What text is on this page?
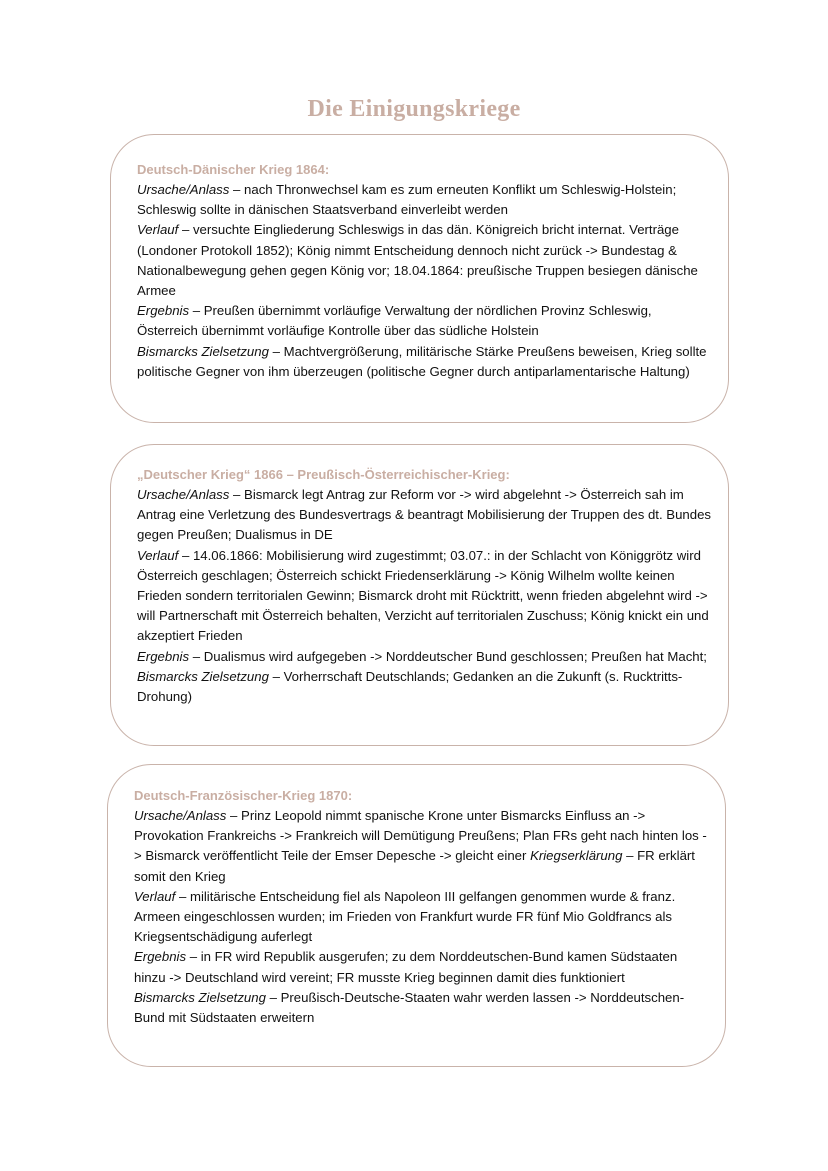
Die Einigungskriege
Deutsch-Dänischer Krieg 1864:

Ursache/Anlass – nach Thronwechsel kam es zum erneuten Konflikt um Schleswig-Holstein; Schleswig sollte in dänischen Staatsverband einverleibt werden

Verlauf – versuchte Eingliederung Schleswigs in das dän. Königreich bricht internat. Verträge (Londoner Protokoll 1852); König nimmt Entscheidung dennoch nicht zurück -> Bundestag & Nationalbewegung gehen gegen König vor; 18.04.1864: preußische Truppen besiegen dänische Armee

Ergebnis – Preußen übernimmt vorläufige Verwaltung der nördlichen Provinz Schleswig, Österreich übernimmt vorläufige Kontrolle über das südliche Holstein

Bismarcks Zielsetzung – Machtvergrößerung, militärische Stärke Preußens beweisen, Krieg sollte politische Gegner von ihm überzeugen (politische Gegner durch antiparlamentarische Haltung)

„Deutscher Krieg“ 1866 – Preußisch-Österreichischer-Krieg:

Ursache/Anlass – Bismarck legt Antrag zur Reform vor -> wird abgelehnt -> Österreich sah im Antrag eine Verletzung des Bundesvertrags & beantragt Mobilisierung der Truppen des dt. Bundes gegen Preußen; Dualismus in DE

Verlauf – 14.06.1866: Mobilisierung wird zugestimmt; 03.07.: in der Schlacht von Königgrötz wird Österreich geschlagen; Österreich schickt Friedenserklärung -> König Wilhelm wollte keinen Frieden sondern territorialen Gewinn; Bismarck droht mit Rücktritt, wenn frieden abgelehnt wird -> will Partnerschaft mit Österreich behalten, Verzicht auf territorialen Zuschuss; König knickt ein und akzeptiert Frieden

Ergebnis – Dualismus wird aufgegeben -> Norddeutscher Bund geschlossen; Preußen hat Macht;

Bismarcks Zielsetzung – Vorherrschaft Deutschlands; Gedanken an die Zukunft (s. Rucktritts-Drohung)

Deutsch-Französischer-Krieg 1870:

Ursache/Anlass – Prinz Leopold nimmt spanische Krone unter Bismarcks Einfluss an -> Provokation Frankreichs -> Frankreich will Demütigung Preußens; Plan FRs geht nach hinten los -> Bismarck veröffentlicht Teile der Emser Depesche -> gleicht einer Kriegserklärung – FR erklärt somit den Krieg

Verlauf – militärische Entscheidung fiel als Napoleon III gelfangen genommen wurde & franz. Armeen eingeschlossen wurden; im Frieden von Frankfurt wurde FR fünf Mio Goldfrancs als Kriegsentschädigung auferlegt

Ergebnis – in FR wird Republik ausgerufen; zu dem Norddeutschen-Bund kamen Südstaaten hinzu -> Deutschland wird vereint; FR musste Krieg beginnen damit dies funktioniert

Bismarcks Zielsetzung – Preußisch-Deutsche-Staaten wahr werden lassen -> Norddeutschen-Bund mit Südstaaten erweitern
